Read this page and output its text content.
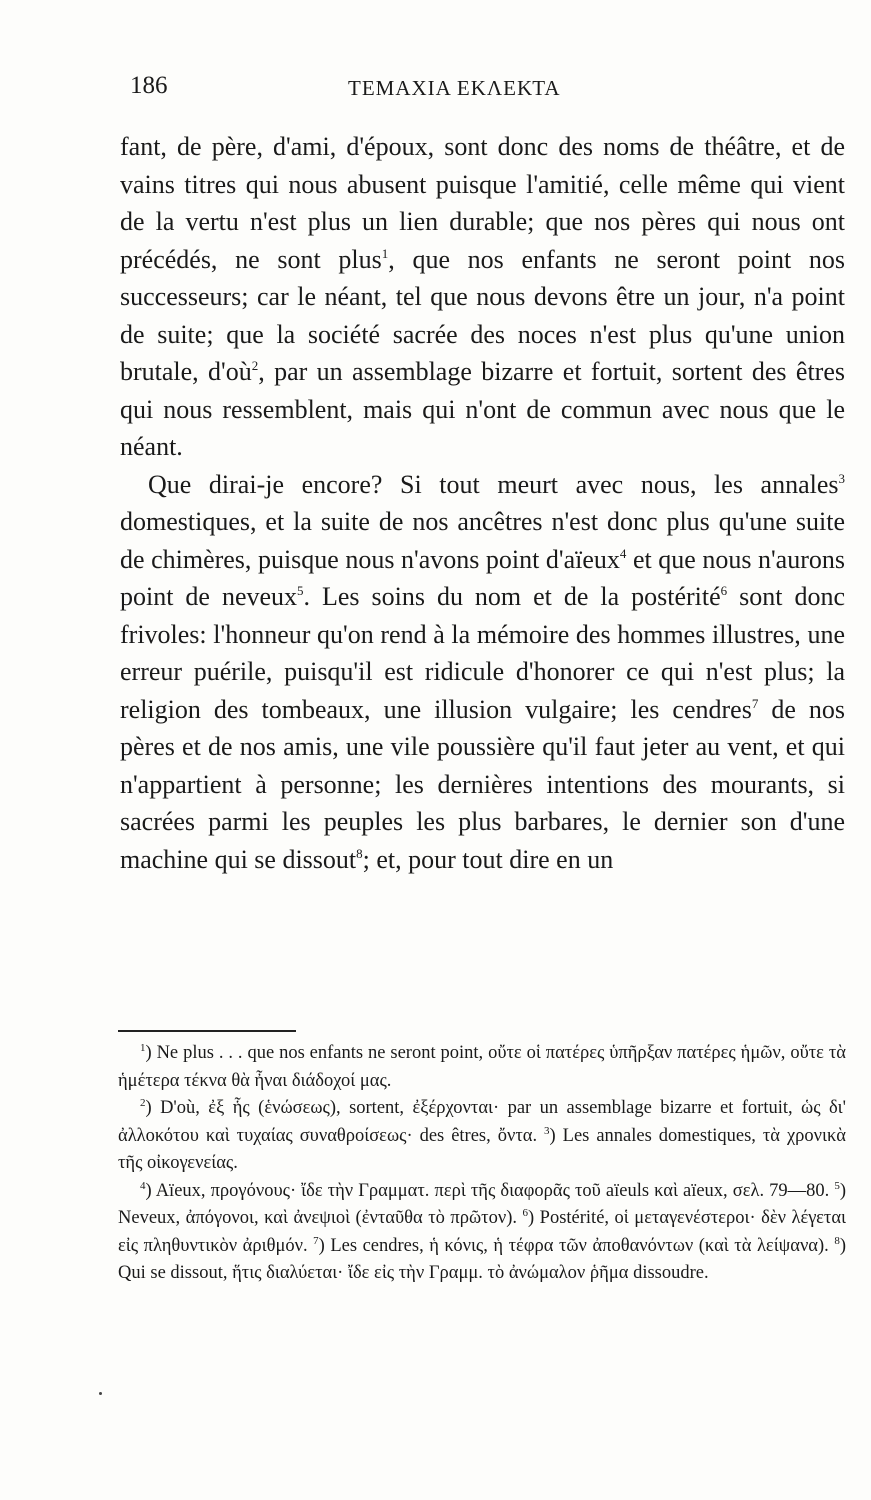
186	ΤΕΜΑΧΙΑ ΕΚΛΕΚΤΑ

fant, de père, d'ami, d'époux, sont donc des noms de théâtre, et de vains titres qui nous abusent puisque l'amitié, celle même qui vient de la vertu n'est plus un lien durable; que nos pères qui nous ont précédés, ne sont plus$^1$, que nos enfants ne seront point nos successeurs; car le néant, tel que nous devons être un jour, n'a point de suite; que la société sacrée des noces n'est plus qu'une union brutale, $d'où^2$, par un assemblage bizarre et fortuit, sortent des êtres qui nous ressemblent, mais qui n'ont de commun avec nous que le néant.

Que dirai-je encore? Si tout meurt avec nous, les annales$^3$ domestiques, et la suite de nos ancêtres n'est donc plus qu'une suite de chimères, puisque nous n'avons point d'aïeux$^4$ et que nous n'aurons point de neveux$^5$. Les soins du nom et de la postérité$^6$ sont donc frivoles: l'honneur qu'on rend à la mémoire des hommes illustres, une erreur puérile, puisqu'il est ridicule d'honorer ce qui n'est plus; la religion des tombeaux, une illusion vulgaire; les cendres$^7$ de nos pères et de nos amis, une vile poussière qu'il faut jeter au vent, et qui n'appartient à personne; les dernières intentions des mourants, si sacrées parmi les peuples les plus barbares, le dernier son d'une machine qui se dissout$^8$; et, pour tout dire en un

$^1$) Ne plus . . . que nos enfants ne seront point, οὔτε οἱ πατέρες ὑπῆρξαν πατέρες ἡμῶν, οὔτε τὰ ἡμέτερα τέκνα θὰ ἦναι διάδοχοί μας.

$^2$) D'où, ἐξ ἧς (ἑνώσεως), sortent, ἐξέρχονται· par un assemblage bizarre et fortuit, ὡς δι' ἀλλοκότου καὶ τυχαίας συναθροίσεως· des êtres, ὄντα. $^3$) Les annales domestiques, τὰ χρονικὰ τῆς οἰκογενείας.

$^4$) Aïeux, προγόνους· ἴδε τὴν Γραμματ. περὶ τῆς διαφορᾶς τοῦ aïeuls καὶ aïeux, σελ. 79—80. $^5$) Neveux, ἀπόγονοι, καὶ ἀνεψιοὶ (ἐνταῦθα τὸ πρῶτον). $^6$) Postérité, οἱ μεταγενέστεροι· δὲν λέγεται εἰς πληθυντικὸν ἀριθμόν. $^7$) Les cendres, ἡ κόνις, ἡ τέφρα τῶν ἀποθανόντων (καὶ τὰ λείψανα). $^8$) Qui se dissout, ἥτις διαλύεται· ἴδε εἰς τὴν Γραμμ. τὸ ἀνώμαλον ῥῆμα dissoudre.
